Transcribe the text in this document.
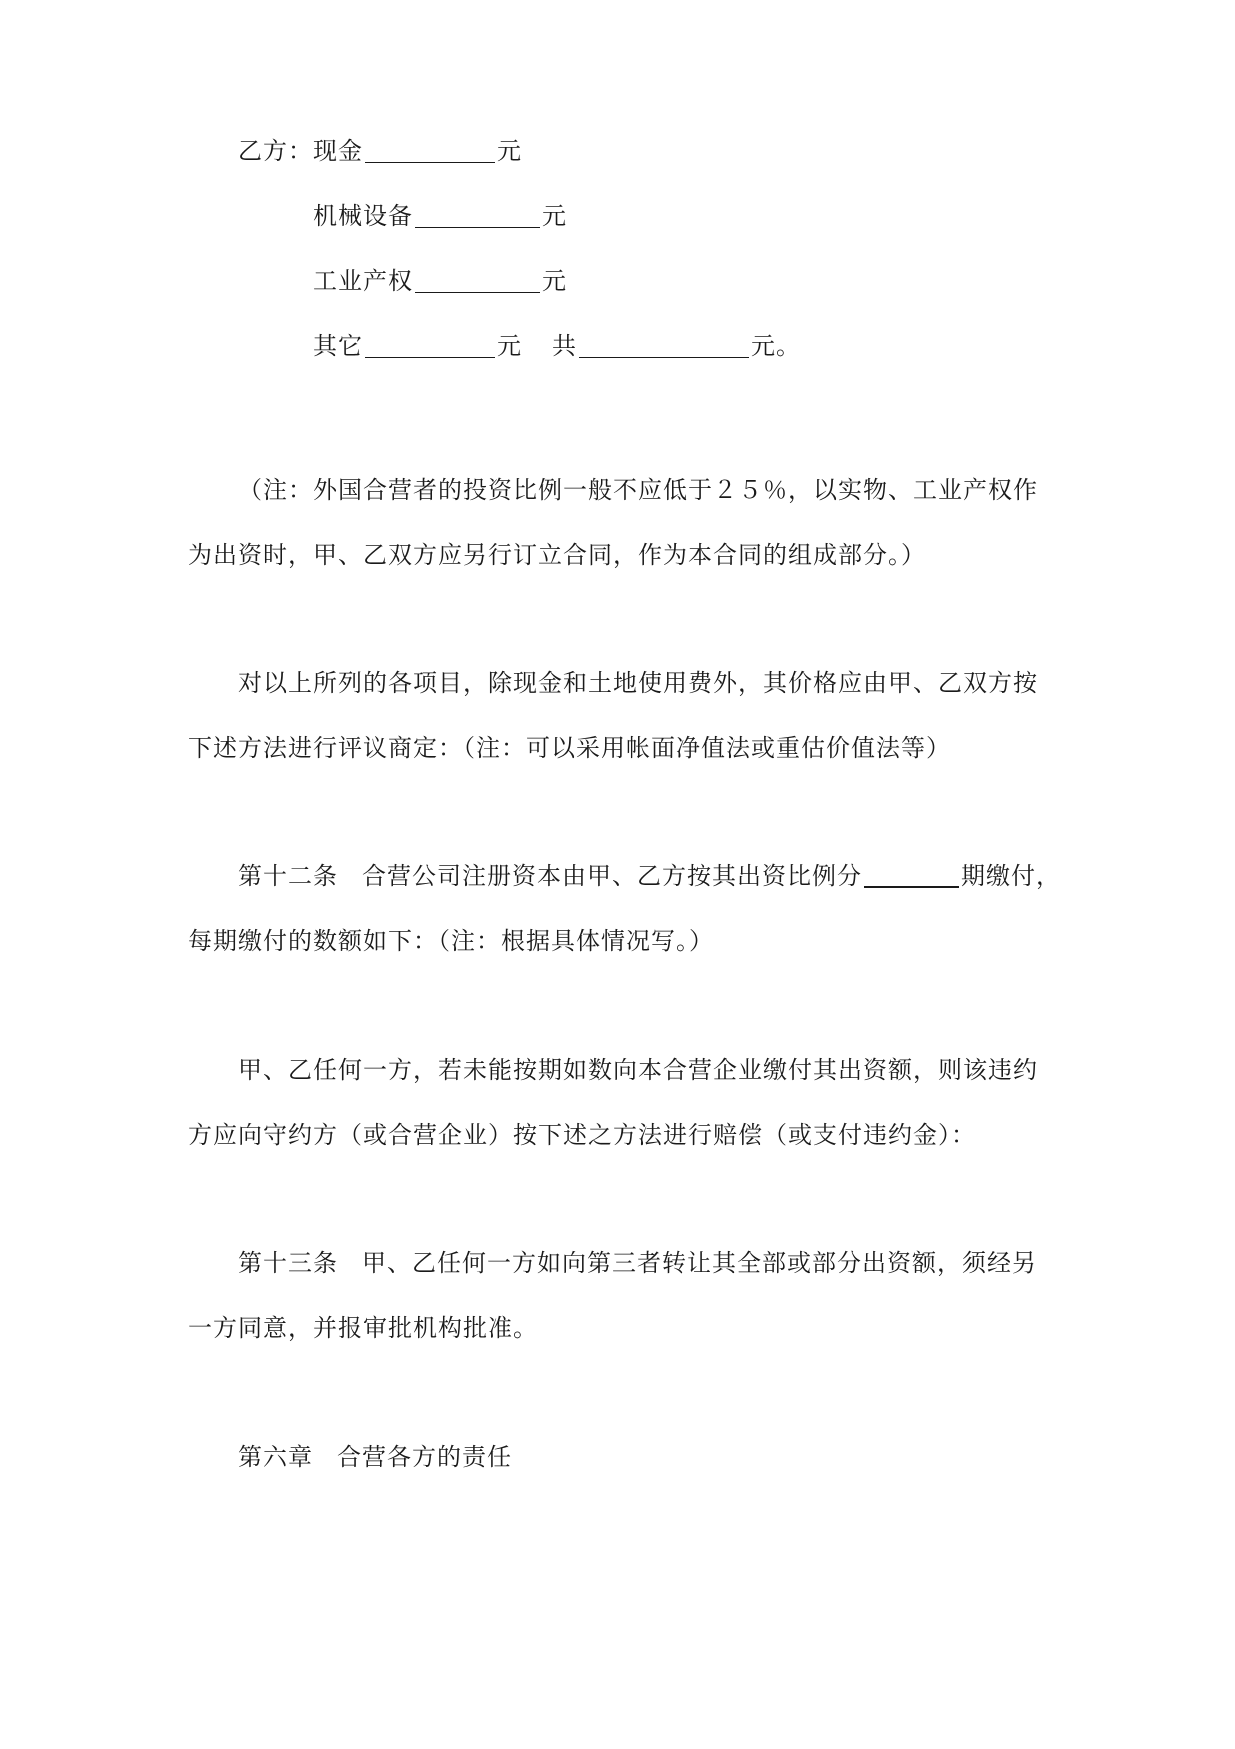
乙方：现金	元
机械设备	元
工业产权	元
其它	元 共	元。
（注：外国合营者的投资比例一般不应低于２５％，以实物、工业产权作
为出资时，甲、乙双方应另行订立合同，作为本合同的组成部分。）
对以上所列的各项目，除现金和土地使用费外，其价格应由甲、乙双方按
下述方法进行评议商定：（注：可以采用帐面净值法或重估价值法等）
第十二条 合营公司注册资本由甲、乙方按其出资比例分	期缴付，
每期缴付的数额如下：（注：根据具体情况写。）
甲、乙任何一方，若未能按期如数向本合营企业缴付其出资额，则该违约
方应向守约方（或合营企业）按下述之方法进行赔偿（或支付违约金）：
第十三条 甲、乙任何一方如向第三者转让其全部或部分出资额，须经另
一方同意，并报审批机构批准。
第六章 合营各方的责任
